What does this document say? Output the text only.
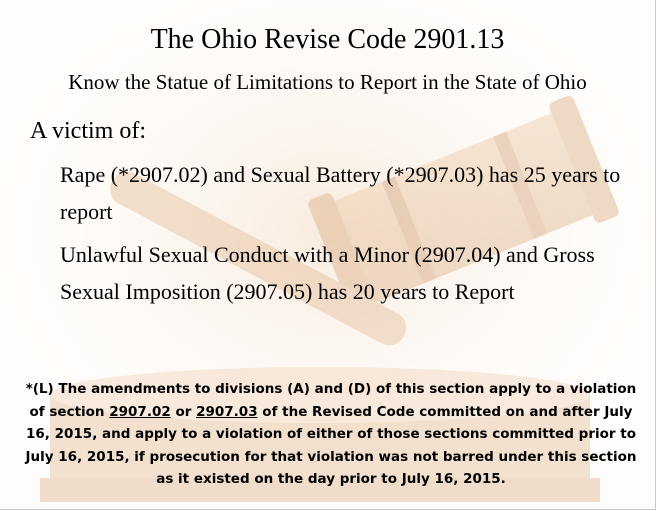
The Ohio Revise Code 2901.13
Know the Statue of Limitations to Report in the State of Ohio
A victim of:
Rape (*2907.02) and Sexual Battery (*2907.03) has 25 years to report
Unlawful Sexual Conduct with a Minor (2907.04) and Gross Sexual Imposition (2907.05) has 20 years to Report
*(L) The amendments to divisions (A) and (D) of this section apply to a violation of section 2907.02 or 2907.03 of the Revised Code committed on and after July 16, 2015, and apply to a violation of either of those sections committed prior to July 16, 2015, if prosecution for that violation was not barred under this section as it existed on the day prior to July 16, 2015.
